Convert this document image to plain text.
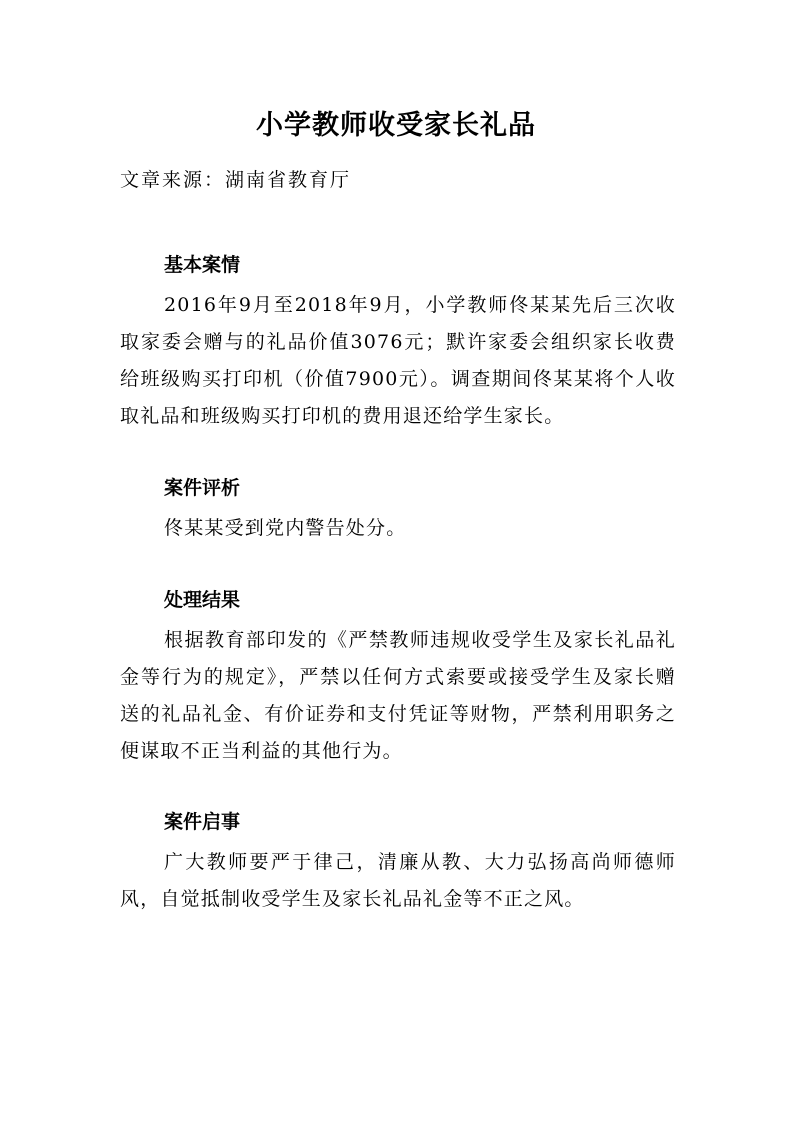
小学教师收受家长礼品
文章来源：湖南省教育厅
基本案情
2016年9月至2018年9月，小学教师佟某某先后三次收取家委会赠与的礼品价值3076元；默许家委会组织家长收费给班级购买打印机（价值7900元）。调查期间佟某某将个人收取礼品和班级购买打印机的费用退还给学生家长。
案件评析
佟某某受到党内警告处分。
处理结果
根据教育部印发的《严禁教师违规收受学生及家长礼品礼金等行为的规定》，严禁以任何方式索要或接受学生及家长赠送的礼品礼金、有价证券和支付凭证等财物，严禁利用职务之便谋取不正当利益的其他行为。
案件启事
广大教师要严于律己，清廉从教、大力弘扬高尚师德师风，自觉抵制收受学生及家长礼品礼金等不正之风。
